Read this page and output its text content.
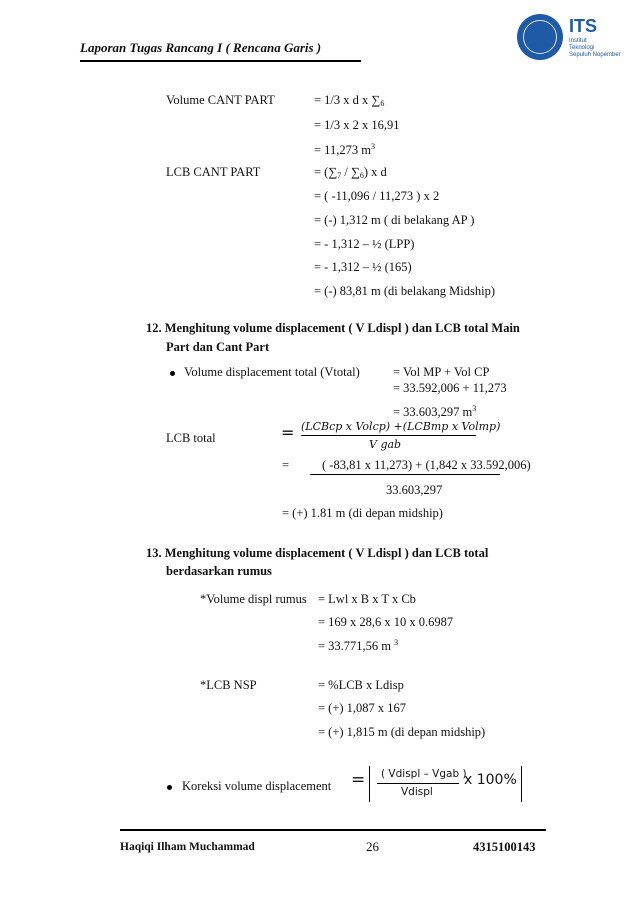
Laporan Tugas Rancang I ( Rencana Garis )
ITS
Institut
Teknologi
Sepuluh Nopember
Volume CANT PART	= 1/3 x d x $\sum_6$
= 1/3 x 2 x 16,91
= 11,273 $m^3$
LCB CANT PART	= $(\sum_7 / \sum_6)$ x d
= ( -11,096 / 11,273 ) x 2
= (-) 1,312 m ( di belakang AP )
= - 1,312 – ½ (LPP)
= - 1,312 – ½ (165)
= (-) 83,81 m (di belakang Midship)
12. Menghitung volume displacement ( V Ldispl ) dan LCB total Main
Part dan Cant Part
Volume displacement total (Vtotal)	= Vol MP + Vol CP
= 33.592,006 + 11,273
= 33.603,297 $m^3$
LCB total	= (LCBcp x Volcp) +(LCBmp x Volmp)
V gab
=	( -83,81 x 11,273) + (1,842 x 33.592,006)
33.603,297
= (+) 1.81 m (di depan midship)
13. Menghitung volume displacement ( V Ldispl ) dan LCB total
berdasarkan rumus
*Volume displ rumus = Lwl x B x T x Cb
= 169 x 28,6 x 10 x 0.6987
= 33.771,56 m $^3$
*LCB NSP	= %LCB x Ldisp
= (+) 1,087 x 167
= (+) 1,815 m (di depan midship)
Koreksi volume displacement = ( Vdispl – Vgab )
Vdispl
x 100%
Haqiqi Ilham Muchammad	26	4315100143
